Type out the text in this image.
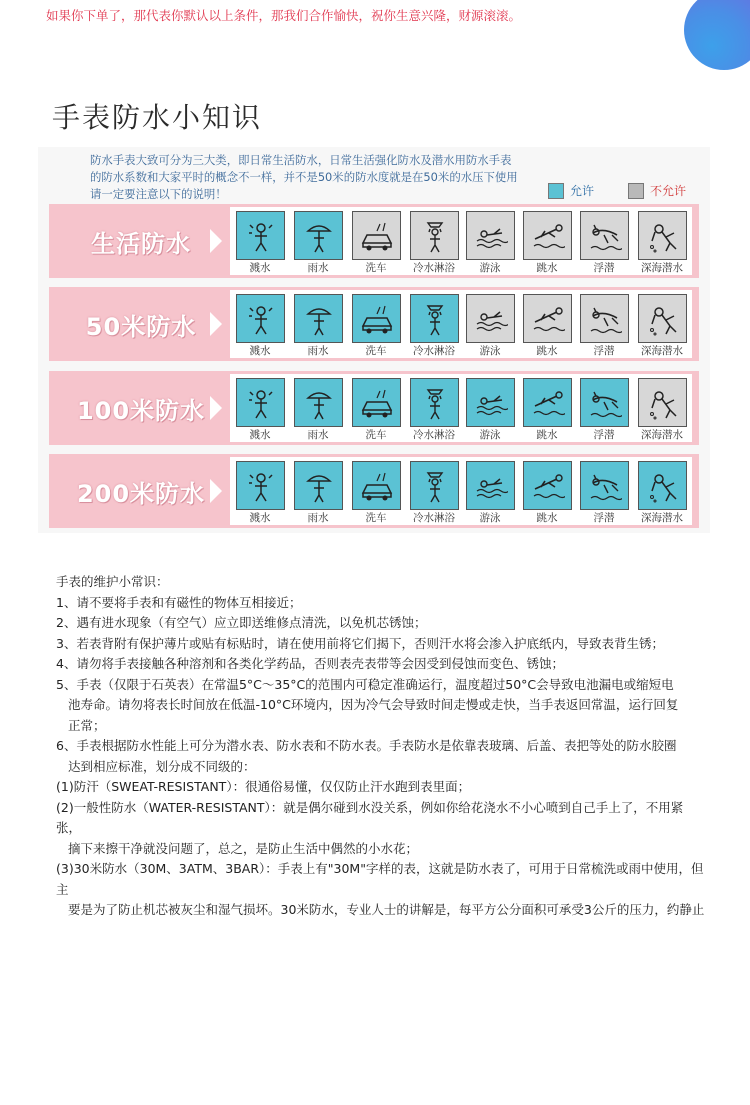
如果你下单了，那代表你默认以上条件，那我们合作愉快，祝你生意兴隆，财源滚滚。
手表防水小知识
防水手表大致可分为三大类，即日常生活防水，日常生活强化防水及潜水用防水手表的防水系数和大家平时的概念不一样，并不是50米的防水度就是在50米的水压下使用请一定要注意以下的说明！	允许	不允许
生活防水
溅水	雨水	洗车	冷水淋浴	游泳	跳水	浮潜	深海潜水
50米防水
溅水	雨水	洗车	冷水淋浴	游泳	跳水	浮潜	深海潜水
100米防水
溅水	雨水	洗车	冷水淋浴	游泳	跳水	浮潜	深海潜水
200米防水
溅水	雨水	洗车	冷水淋浴	游泳	跳水	浮潜	深海潜水

手表的维护小常识：

1、请不要将手表和有磁性的物体互相接近；

2、遇有进水现象（有空气）应立即送维修点清洗，以免机芯锈蚀；

3、若表背附有保护薄片或贴有标贴时，请在使用前将它们揭下，否则汗水将会渗入护底纸内，导致表背生锈；

4、请勿将手表接触各种溶剂和各类化学药品，否则表壳表带等会因受到侵蚀而变色、锈蚀；

5、手表（仅限于石英表）在常温5°C～35°C的范围内可稳定准确运行，温度超过50°C会导致电池漏电或缩短电

池寿命。请勿将表长时间放在低温-10°C环境内，因为冷气会导致时间走慢或走快，当手表返回常温，运行回复

正常；

6、手表根据防水性能上可分为潜水表、防水表和不防水表。手表防水是依靠表玻璃、后盖、表把等处的防水胶圈

达到相应标准，划分成不同级的：

(1)防汗（SWEAT-RESISTANT）：很通俗易懂，仅仅防止汗水跑到表里面；

(2)一般性防水（WATER-RESISTANT）：就是偶尔碰到水没关系，例如你给花浇水不小心喷到自己手上了，不用紧张，

摘下来擦干净就没问题了，总之，是防止生活中偶然的小水花；

(3)30米防水（30M、3ATM、3BAR）：手表上有"30M"字样的表，这就是防水表了，可用于日常梳洗或雨中使用，但主

要是为了防止机芯被灰尘和湿气损坏。30米防水，专业人士的讲解是，每平方公分面积可承受3公斤的压力，约静止
